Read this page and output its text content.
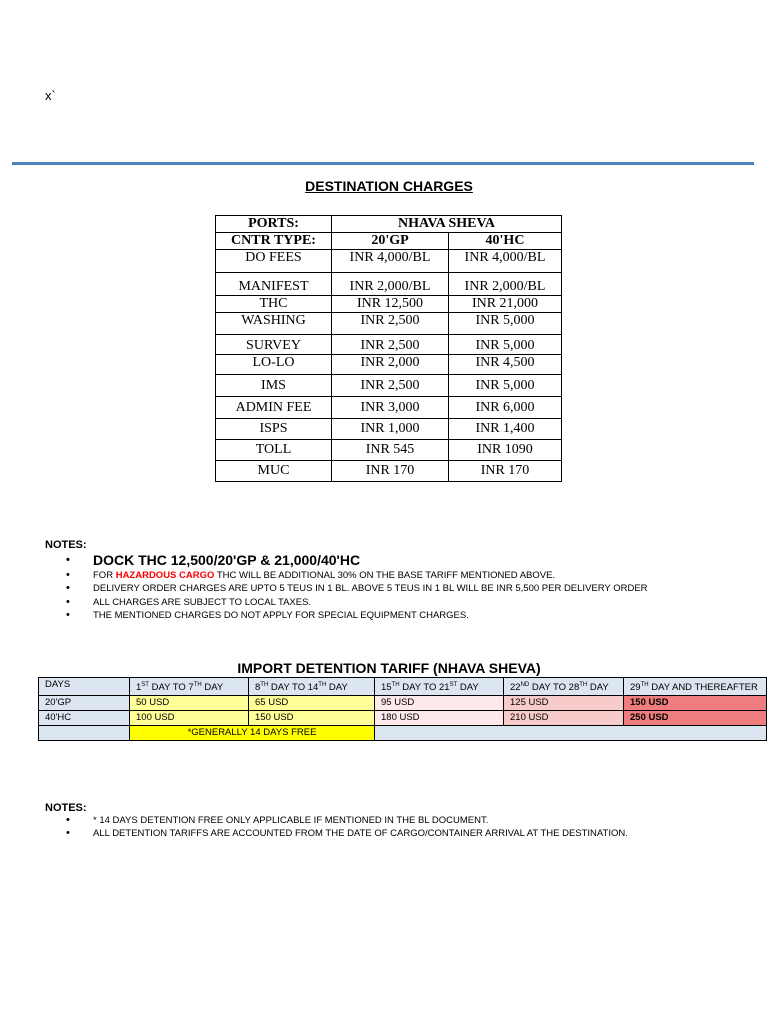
x`
DESTINATION CHARGES
PORTS:	NHAVA SHEVA	
CNTR TYPE:	20'GP	40'HC
DO FEES	INR 4,000/BL	INR 4,000/BL
MANIFEST	INR 2,000/BL	INR 2,000/BL
THC	INR 12,500	INR 21,000
WASHING	INR 2,500	INR 5,000
SURVEY	INR 2,500	INR 5,000
LO-LO	INR 2,000	INR 4,500
IMS	INR 2,500	INR 5,000
ADMIN FEE	INR 3,000	INR 6,000
ISPS	INR 1,000	INR 1,400
TOLL	INR 545	INR 1090
MUC	INR 170	INR 170
NOTES:
• DOCK THC 12,500/20'GP & 21,000/40'HC
• FOR HAZARDOUS CARGO THC WILL BE ADDITIONAL 30% ON THE BASE TARIFF MENTIONED ABOVE.
• DELIVERY ORDER CHARGES ARE UPTO 5 TEUS IN 1 BL. ABOVE 5 TEUS IN 1 BL WILL BE INR 5,500 PER DELIVERY ORDER
• ALL CHARGES ARE SUBJECT TO LOCAL TAXES.
• THE MENTIONED CHARGES DO NOT APPLY FOR SPECIAL EQUIPMENT CHARGES.
IMPORT DETENTION TARIFF (NHAVA SHEVA)
DAYS	1ST DAY TO 7TH DAY	8TH DAY TO 14TH DAY	15TH DAY TO 21ST DAY	22ND DAY TO 28TH DAY	29TH DAY AND THEREAFTER
20'GP	50 USD	65 USD	95 USD	125 USD	150 USD
40'HC	100 USD	150 USD	180 USD	210 USD	250 USD
	*GENERALLY 14 DAYS FREE				
NOTES:
• * 14 DAYS DETENTION FREE ONLY APPLICABLE IF MENTIONED IN THE BL DOCUMENT.
• ALL DETENTION TARIFFS ARE ACCOUNTED FROM THE DATE OF CARGO/CONTAINER ARRIVAL AT THE DESTINATION.
